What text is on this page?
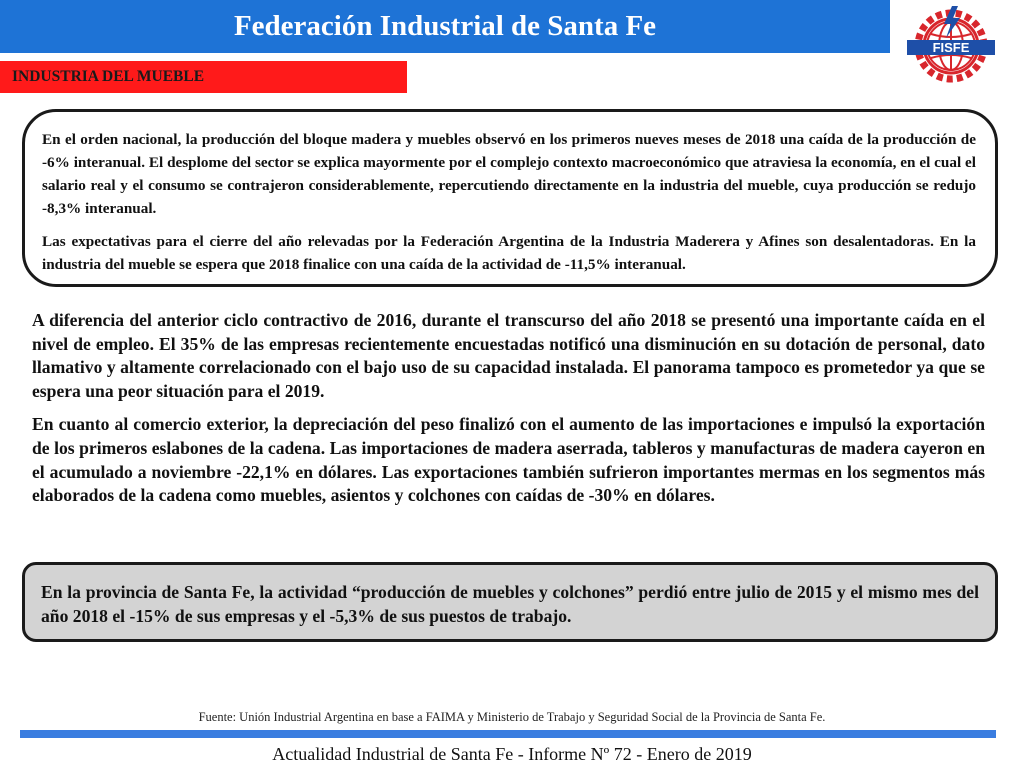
Federación Industrial de Santa Fe
FISFE
INDUSTRIA DEL MUEBLE

En el orden nacional, la producción del bloque madera y muebles observó en los primeros nueves meses de 2018 una caída de la producción de -6% interanual. El desplome del sector se explica mayormente por el complejo contexto macroeconómico que atraviesa la economía, en el cual el salario real y el consumo se contrajeron considerablemente, repercutiendo directamente en la industria del mueble, cuya producción se redujo -8,3% interanual.

Las expectativas para el cierre del año relevadas por la Federación Argentina de la Industria Maderera y Afines son desalentadoras. En la industria del mueble se espera que 2018 finalice con una caída de la actividad de -11,5% interanual.

A diferencia del anterior ciclo contractivo de 2016, durante el transcurso del año 2018 se presentó una importante caída en el nivel de empleo. El 35% de las empresas recientemente encuestadas notificó una disminución en su dotación de personal, dato llamativo y altamente correlacionado con el bajo uso de su capacidad instalada. El panorama tampoco es prometedor ya que se espera una peor situación para el 2019.

En cuanto al comercio exterior, la depreciación del peso finalizó con el aumento de las importaciones e impulsó la exportación de los primeros eslabones de la cadena. Las importaciones de madera aserrada, tableros y manufacturas de madera cayeron en el acumulado a noviembre -22,1% en dólares. Las exportaciones también sufrieron importantes mermas en los segmentos más elaborados de la cadena como muebles, asientos y colchones con caídas de -30% en dólares.

En la provincia de Santa Fe, la actividad “producción de muebles y colchones” perdió entre julio de 2015 y el mismo mes del año 2018 el -15% de sus empresas y el -5,3% de sus puestos de trabajo.

Fuente: Unión Industrial Argentina en base a FAIMA y Ministerio de Trabajo y Seguridad Social de la Provincia de Santa Fe.
Actualidad Industrial de Santa Fe - Informe Nº 72 - Enero de 2019
